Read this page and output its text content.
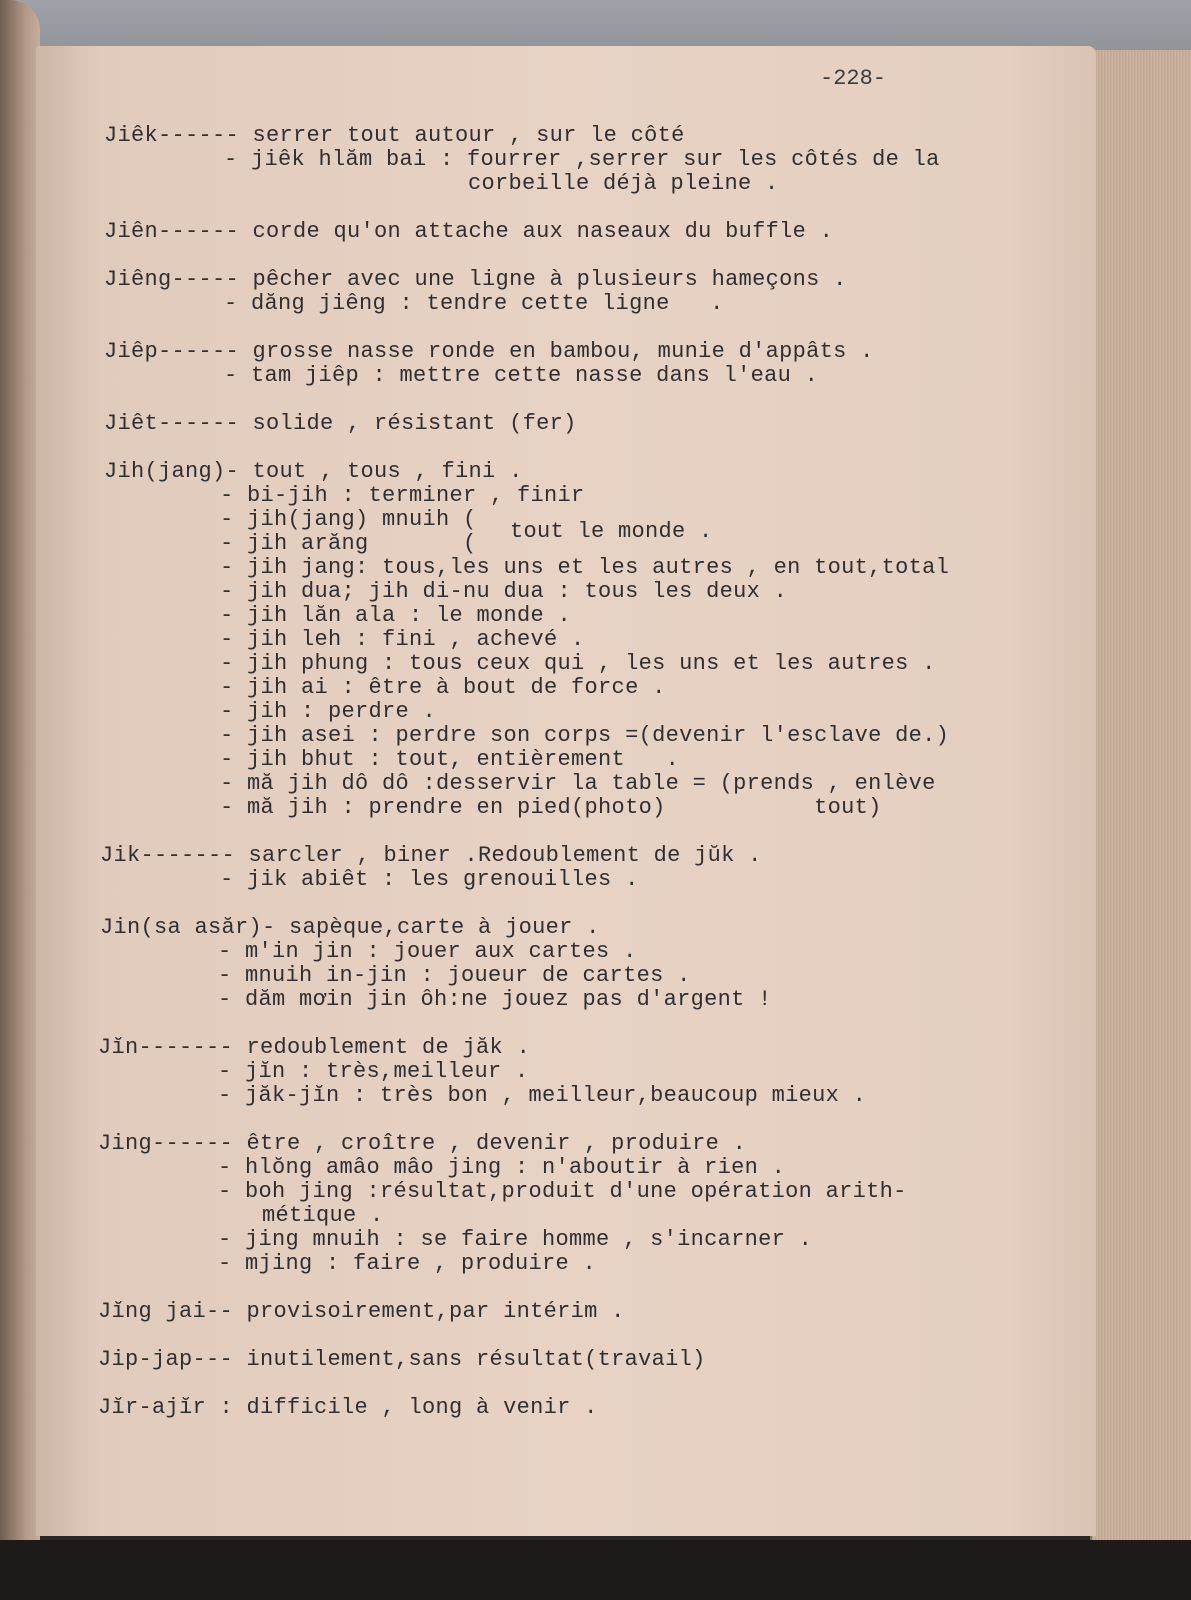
-228-
Jiêk------ serrer tout autour , sur le côté
- jiêk hlăm bai : fourrer ,serrer sur les côtés de la
corbeille déjà pleine .
Jiên------ corde qu'on attache aux naseaux du buffle .
Jiêng----- pêcher avec une ligne à plusieurs hameçons .
- dăng jiêng : tendre cette ligne   .
Jiêp------ grosse nasse ronde en bambou, munie d'appâts .
- tam jiêp : mettre cette nasse dans l'eau .
Jiêt------ solide , résistant (fer)
Jih(jang)- tout , tous , fini .
- bi-jih : terminer , finir
- jih(jang) mnuih (
- jih arăng       ( tout le monde .
- jih jang: tous,les uns et les autres , en tout,total
- jih dua; jih di-nu dua : tous les deux .
- jih lăn ala : le monde .
- jih leh : fini , achevé .
- jih phung : tous ceux qui , les uns et les autres .
- jih ai : être à bout de force .
- jih : perdre .
- jih asei : perdre son corps =(devenir l'esclave de.)
- jih bhut : tout, entièrement   .
- mă jih dô dô :desservir la table = (prends , enlève
- mă jih : prendre en pied(photo)           tout)
Jik------- sarcler , biner .Redoublement de jŭk .
- jik abiêt : les grenouilles .
Jin(sa asăr)- sapèque,carte à jouer .
- m'in jin : jouer aux cartes .
- mnuih in-jin : joueur de cartes .
- dăm mơin jin ôh:ne jouez pas d'argent !
Jĭn------- redoublement de jăk .
- jĭn : très,meilleur .
- jăk-jĭn : très bon , meilleur,beaucoup mieux .
Jing------ être , croître , devenir , produire .
- hlŏng amâo mâo jing : n'aboutir à rien .
- boh jing :résultat,produit d'une opération arith-
métique .
- jing mnuih : se faire homme , s'incarner .
- mjing : faire , produire .
Jĭng jai-- provisoirement,par intérim .
Jip-jap--- inutilement,sans résultat(travail)
Jĭr-ajĭr : difficile , long à venir .
